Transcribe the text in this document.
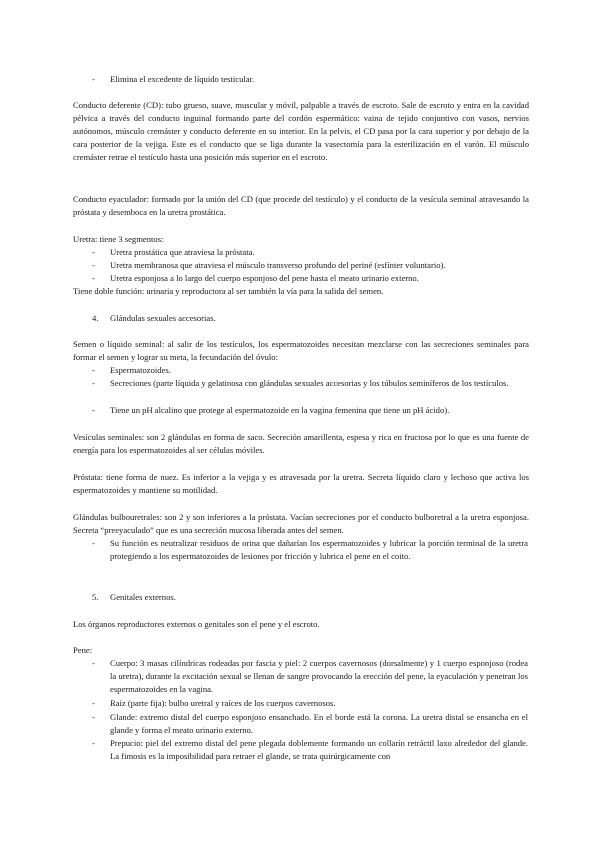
-	Elimina el excedente de líquido testicular.

Conducto deferente (CD): tubo grueso, suave, muscular y móvil, palpable a través de escroto. Sale de escroto y entra en la cavidad pélvica a través del conducto inguinal formando parte del cordón espermático: vaina de tejido conjuntivo con vasos, nervios autónomos, músculo cremáster y conducto deferente en su interior. En la pelvis, el CD pasa por la cara superior y por debajo de la cara posterior de la vejiga. Este es el conducto que se liga durante la vasectomía para la esterilización en el varón. El músculo cremáster retrae el testículo hasta una posición más superior en el escroto.

Conducto eyaculador: formado por la unión del CD (que procede del testículo) y el conducto de la vesícula seminal atravesando la próstata y desemboca en la uretra prostática.

Uretra: tiene 3 segmentos:

-	Uretra prostática que atraviesa la próstata.
-	Uretra membranosa que atraviesa el músculo transverso profundo del periné (esfínter voluntario).
-	Uretra esponjosa a lo largo del cuerpo esponjoso del pene hasta el meato urinario externo.

Tiene doble función: urinaria y reproductora al ser también la vía para la salida del semen.

4. Glándulas sexuales accesorias.

Semen o líquido seminal: al salir de los testículos, los espermatozoides necesitan mezclarse con las secreciones seminales para formar el semen y lograr su meta, la fecundación del óvulo:

-	Espermatozoides.
-	Secreciones (parte líquida y gelatinosa con glándulas sexuales accesorias y los túbulos seminíferos de los testículos.
-	Tiene un pH alcalino que protege al espermatozoide en la vagina femenina que tiene un pH ácido).

Vesículas seminales: son 2 glándulas en forma de saco. Secreción amarillenta, espesa y rica en fructosa por lo que es una fuente de energía para los espermatozoides al ser células móviles.

Próstata: tiene forma de nuez. Es inferior a la vejiga y es atravesada por la uretra. Secreta líquido claro y lechoso que activa los espermatozoides y mantiene su motilidad.

Glándulas bulbouretrales: son 2 y son inferiores a la próstata. Vacían secreciones por el conducto bulboretral a la uretra esponjosa. Secreta “preeyaculado” que es una secreción mucosa liberada antes del semen.

-	Su función es neutralizar residuos de orina que dañarían los espermatozoides y lubricar la porción terminal de la uretra protegiendo a los espermatozoides de lesiones por fricción y lubrica el pene en el coito.
5. Genitales externos.

Los órganos reproductores externos o genitales son el pene y el escroto.

Pene:

-	Cuerpo: 3 masas cilíndricas rodeadas por fascia y piel: 2 cuerpos cavernosos (dorsalmente) y 1 cuerpo esponjoso (rodea la uretra), durante la excitación sexual se llenan de sangre provocando la erección del pene, la eyaculación y penetran los espermatozoides en la vagina.
-	Raíz (parte fija): bulbo uretral y raíces de los cuerpos cavernosos.
-	Glande: extremo distal del cuerpo esponjoso ensanchado. En el borde está la corona. La uretra distal se ensancha en el glande y forma el meato urinario externo.
-	Prepucio: piel del extremo distal del pene plegada doblemente formando un collarín retráctil laxo alrededor del glande. La fimosis es la imposibilidad para retraer el glande, se trata quirúrgicamente con
